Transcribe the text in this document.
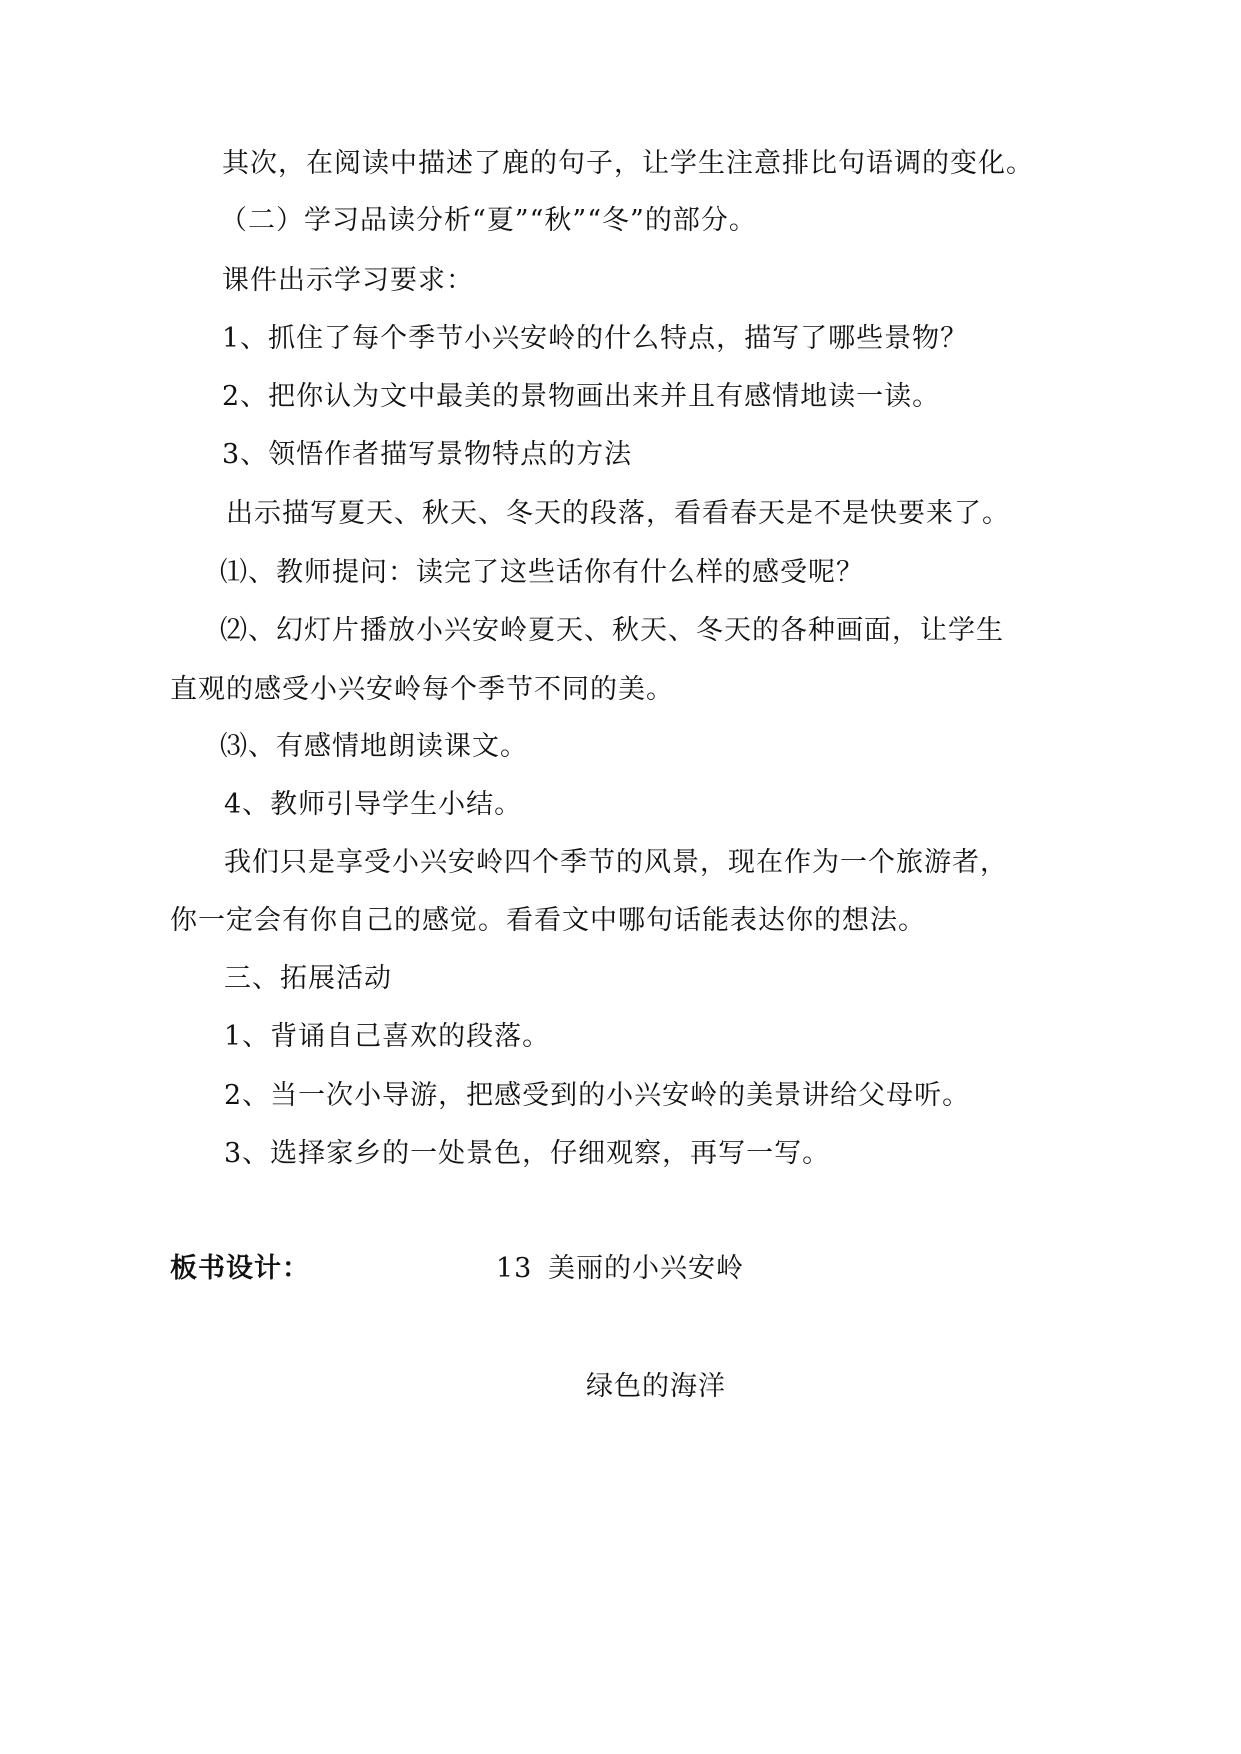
其次，在阅读中描述了鹿的句子，让学生注意排比句语调的变化。
（二）学习品读分析“夏”“秋”“冬”的部分。
课件出示学习要求：
1、抓住了每个季节小兴安岭的什么特点，描写了哪些景物？
2、把你认为文中最美的景物画出来并且有感情地读一读。
3、领悟作者描写景物特点的方法
出示描写夏天、秋天、冬天的段落，看看春天是不是快要来了。
⑴、教师提问：读完了这些话你有什么样的感受呢？
⑵、幻灯片播放小兴安岭夏天、秋天、冬天的各种画面，让学生
直观的感受小兴安岭每个季节不同的美。
⑶、有感情地朗读课文。
4、教师引导学生小结。
我们只是享受小兴安岭四个季节的风景，现在作为一个旅游者，
你一定会有你自己的感觉。看看文中哪句话能表达你的想法。
三、拓展活动
1、背诵自己喜欢的段落。
2、当一次小导游，把感受到的小兴安岭的美景讲给父母听。
3、选择家乡的一处景色，仔细观察，再写一写。
板书设计：	13 美丽的小兴安岭
绿色的海洋
